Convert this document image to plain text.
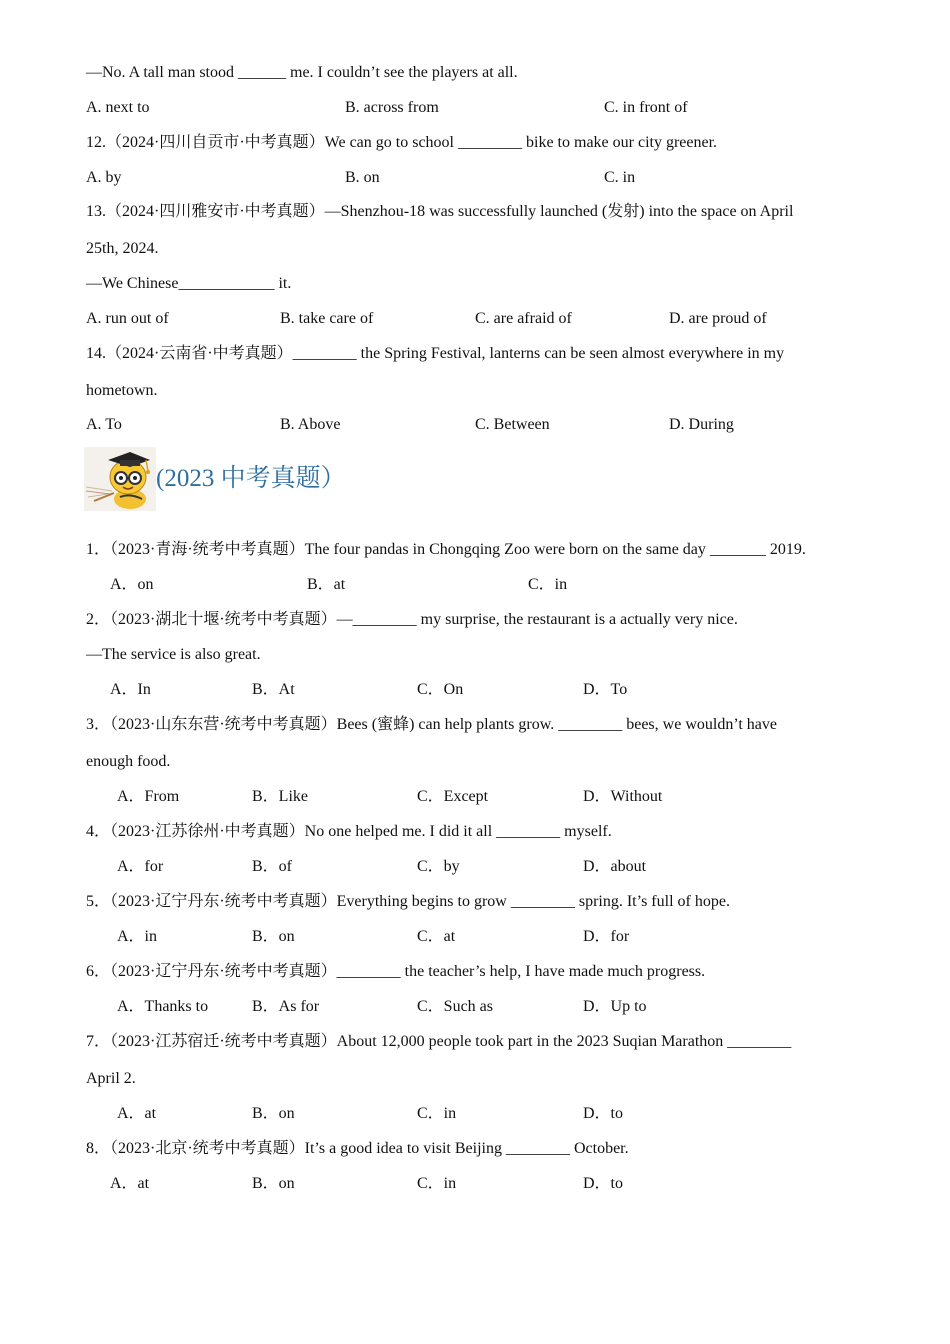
—No. A tall man stood ______ me. I couldn’t see the players at all.
A. next to	B. across from	C. in front of
12.（2024·四川自贡市·中考真题）We can go to school ________ bike to make our city greener.
A. by	B. on	C. in
13.（2024·四川雅安市·中考真题）—Shenzhou-18 was successfully launched (发射) into the space on April
25th, 2024.
—We Chinese____________ it.
A. run out of	B. take care of	C. are afraid of	D. are proud of
14.（2024·云南省·中考真题）________ the Spring Festival, lanterns can be seen almost everywhere in my
hometown.
A. To	B. Above	C. Between	D. During
(2023 中考真题）
1．（2023·青海·统考中考真题）The four pandas in Chongqing Zoo were born on the same day _______ 2019.
A．on	B．at	C．in
2．（2023·湖北十堰·统考中考真题）—________ my surprise, the restaurant is a actually very nice.
—The service is also great.
A．In	B．At	C．On	D．To
3．（2023·山东东营·统考中考真题）Bees (蜜蜂) can help plants grow. ________ bees, we wouldn’t have
enough food.
A．From	B．Like	C．Except	D．Without
4．（2023·江苏徐州·中考真题）No one helped me. I did it all ________ myself.
A．for	B．of	C．by	D．about
5．（2023·辽宁丹东·统考中考真题）Everything begins to grow ________ spring. It’s full of hope.
A．in	B．on	C．at	D．for
6．（2023·辽宁丹东·统考中考真题）________ the teacher’s help, I have made much progress.
A．Thanks to	B．As for	C．Such as	D．Up to
7．（2023·江苏宿迁·统考中考真题）About 12,000 people took part in the 2023 Suqian Marathon ________
April 2.
A．at	B．on	C．in	D．to
8．（2023·北京·统考中考真题）It’s a good idea to visit Beijing ________ October.
A．at	B．on	C．in	D．to
